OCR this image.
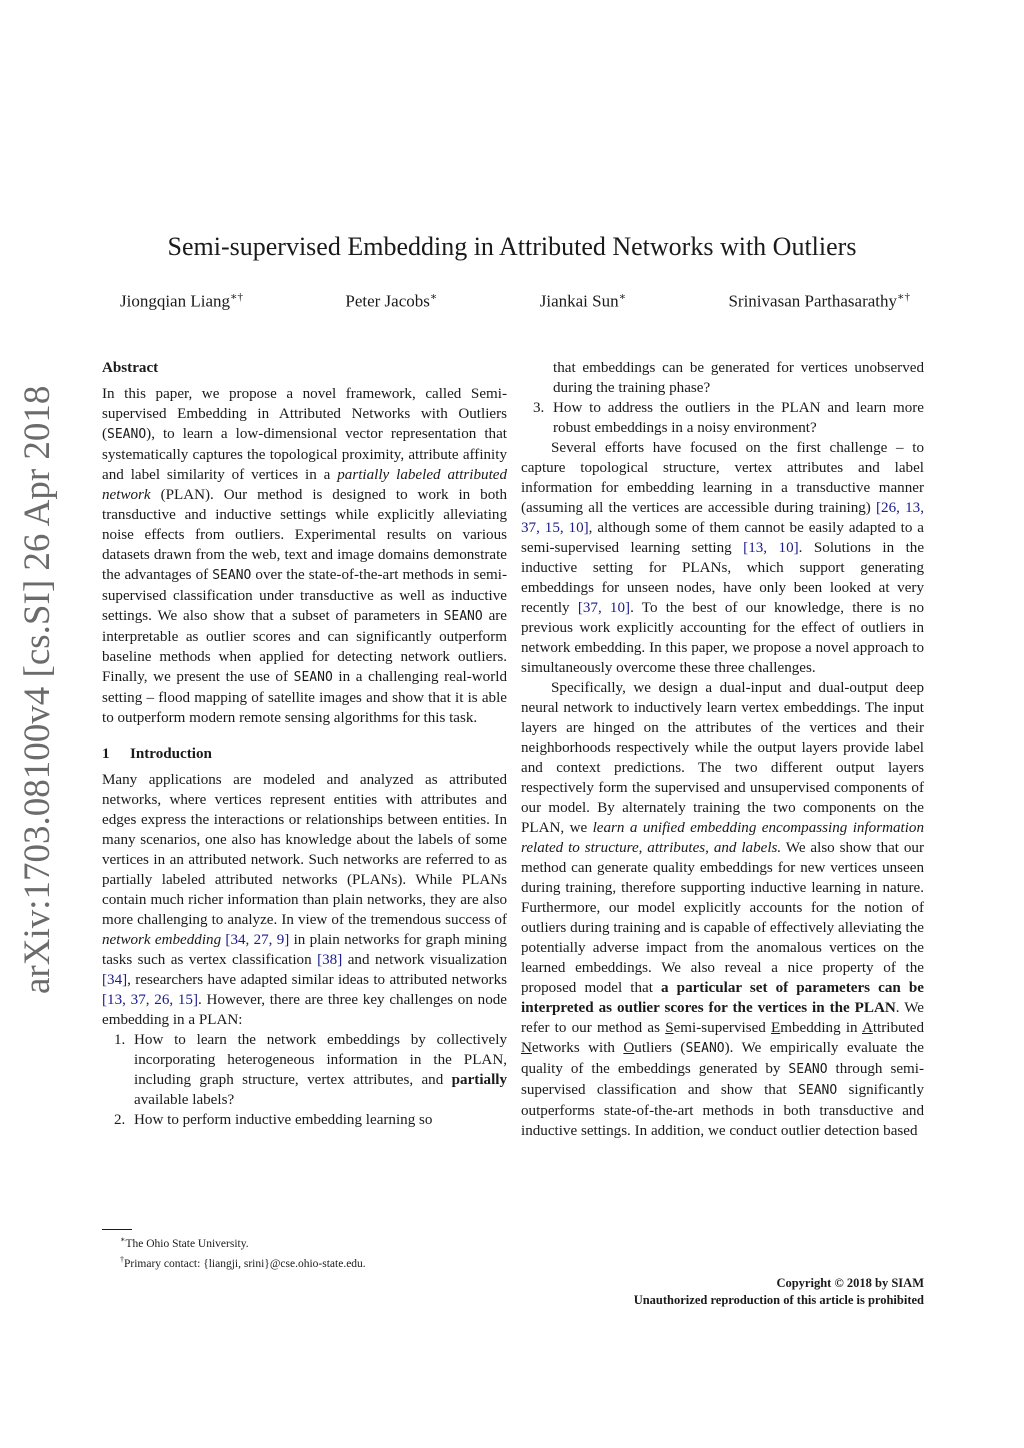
arXiv:1703.08100v4 [cs.SI] 26 Apr 2018
Semi-supervised Embedding in Attributed Networks with Outliers
Jiongqian Liang∗†	Peter Jacobs∗	Jiankai Sun∗	Srinivasan Parthasarathy∗†
Abstract

In this paper, we propose a novel framework, called Semi-supervised Embedding in Attributed Networks with Outliers (SEANO), to learn a low-dimensional vector representation that systematically captures the topological proximity, attribute affinity and label similarity of vertices in a partially labeled attributed network (PLAN). Our method is designed to work in both transductive and inductive settings while explicitly alleviating noise effects from outliers. Experimental results on various datasets drawn from the web, text and image domains demonstrate the advantages of SEANO over the state-of-the-art methods in semi-supervised classification under transductive as well as inductive settings. We also show that a subset of parameters in SEANO are interpretable as outlier scores and can significantly outperform baseline methods when applied for detecting network outliers. Finally, we present the use of SEANO in a challenging real-world setting – flood mapping of satellite images and show that it is able to outperform modern remote sensing algorithms for this task.

1 Introduction

Many applications are modeled and analyzed as attributed networks, where vertices represent entities with attributes and edges express the interactions or relationships between entities. In many scenarios, one also has knowledge about the labels of some vertices in an attributed network. Such networks are referred to as partially labeled attributed networks (PLANs). While PLANs contain much richer information than plain networks, they are also more challenging to analyze. In view of the tremendous success of network embedding [34, 27, 9] in plain networks for graph mining tasks such as vertex classification [38] and network visualization [34], researchers have adapted similar ideas to attributed networks [13, 37, 26, 15]. However, there are three key challenges on node embedding in a PLAN:

1. How to learn the network embeddings by collectively incorporating heterogeneous information in the PLAN, including graph structure, vertex attributes, and partially available labels?
2. How to perform inductive embedding learning so

that embeddings can be generated for vertices unobserved during the training phase?

3. How to address the outliers in the PLAN and learn more robust embeddings in a noisy environment?

Several efforts have focused on the first challenge – to capture topological structure, vertex attributes and label information for embedding learning in a transductive manner (assuming all the vertices are accessible during training) [26, 13, 37, 15, 10], although some of them cannot be easily adapted to a semi-supervised learning setting [13, 10]. Solutions in the inductive setting for PLANs, which support generating embeddings for unseen nodes, have only been looked at very recently [37, 10]. To the best of our knowledge, there is no previous work explicitly accounting for the effect of outliers in network embedding. In this paper, we propose a novel approach to simultaneously overcome these three challenges.

Specifically, we design a dual-input and dual-output deep neural network to inductively learn vertex embeddings. The input layers are hinged on the attributes of the vertices and their neighborhoods respectively while the output layers provide label and context predictions. The two different output layers respectively form the supervised and unsupervised components of our model. By alternately training the two components on the PLAN, we learn a unified embedding encompassing information related to structure, attributes, and labels. We also show that our method can generate quality embeddings for new vertices unseen during training, therefore supporting inductive learning in nature. Furthermore, our model explicitly accounts for the notion of outliers during training and is capable of effectively alleviating the potentially adverse impact from the anomalous vertices on the learned embeddings. We also reveal a nice property of the proposed model that a particular set of parameters can be interpreted as outlier scores for the vertices in the PLAN. We refer to our method as Semi-supervised Embedding in Attributed Networks with Outliers (SEANO). We empirically evaluate the quality of the embeddings generated by SEANO through semi-supervised classification and show that SEANO significantly outperforms state-of-the-art methods in both transductive and inductive settings. In addition, we conduct outlier detection based

∗The Ohio State University.
†Primary contact: {liangji, srini}@cse.ohio-state.edu.
Copyright © 2018 by SIAM
Unauthorized reproduction of this article is prohibited
